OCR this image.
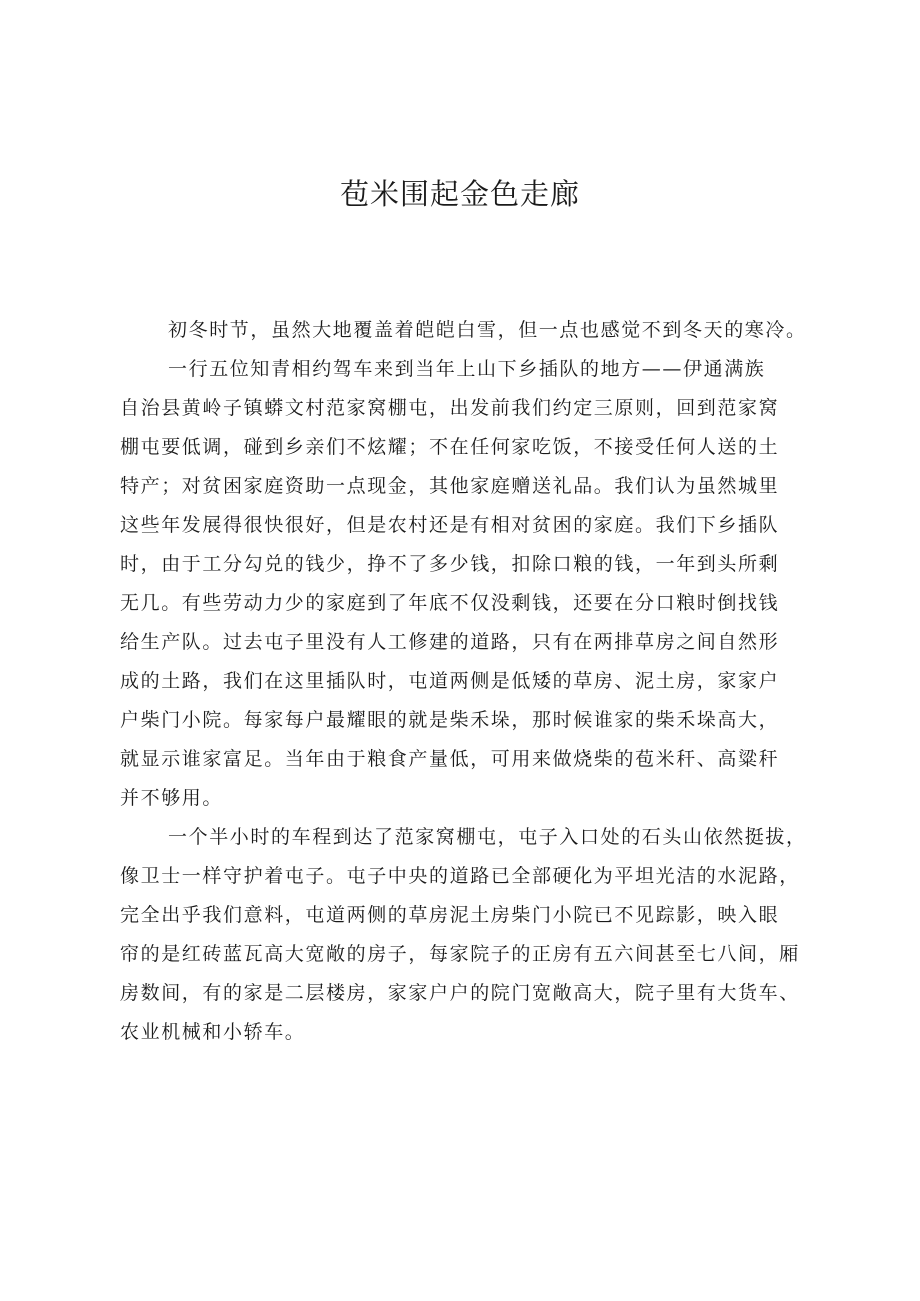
苞米围起金色走廊
初冬时节，虽然大地覆盖着皑皑白雪，但一点也感觉不到冬天的寒冷。
一行五位知青相约驾车来到当年上山下乡插队的地方——伊通满族
自治县黄岭子镇蟒文村范家窝棚屯，出发前我们约定三原则，回到范家窝
棚屯要低调，碰到乡亲们不炫耀；不在任何家吃饭，不接受任何人送的土
特产；对贫困家庭资助一点现金，其他家庭赠送礼品。我们认为虽然城里
这些年发展得很快很好，但是农村还是有相对贫困的家庭。我们下乡插队
时，由于工分勾兑的钱少，挣不了多少钱，扣除口粮的钱，一年到头所剩
无几。有些劳动力少的家庭到了年底不仅没剩钱，还要在分口粮时倒找钱
给生产队。过去屯子里没有人工修建的道路，只有在两排草房之间自然形
成的土路，我们在这里插队时，屯道两侧是低矮的草房、泥土房，家家户
户柴门小院。每家每户最耀眼的就是柴禾垛，那时候谁家的柴禾垛高大，
就显示谁家富足。当年由于粮食产量低，可用来做烧柴的苞米秆、高粱秆
并不够用。
一个半小时的车程到达了范家窝棚屯，屯子入口处的石头山依然挺拔，
像卫士一样守护着屯子。屯子中央的道路已全部硬化为平坦光洁的水泥路，
完全出乎我们意料，屯道两侧的草房泥土房柴门小院已不见踪影，映入眼
帘的是红砖蓝瓦高大宽敞的房子，每家院子的正房有五六间甚至七八间，厢
房数间，有的家是二层楼房，家家户户的院门宽敞高大，院子里有大货车、
农业机械和小轿车。
